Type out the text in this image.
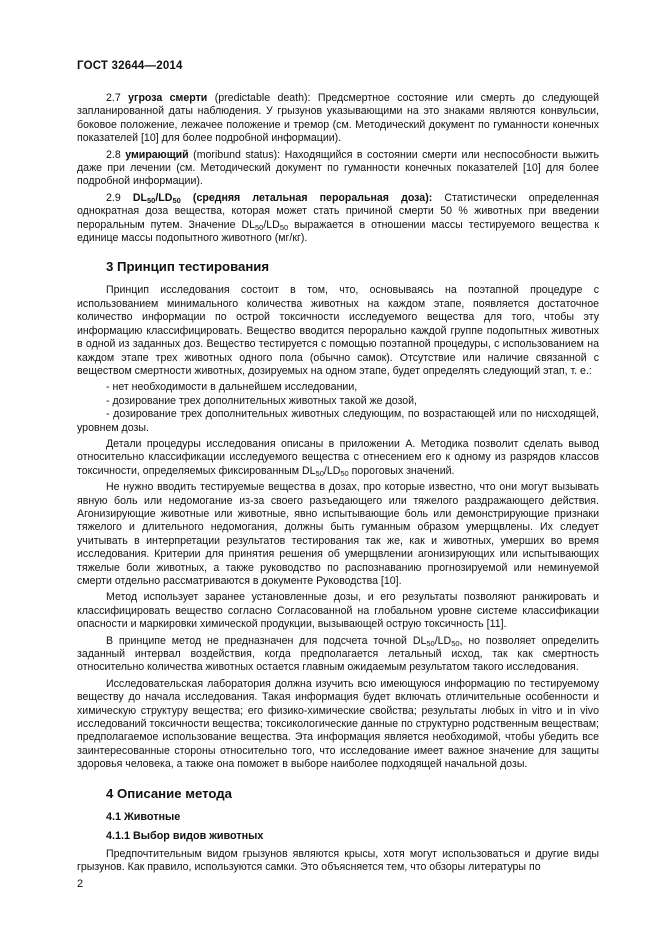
ГОСТ 32644—2014

2.7 угроза смерти (predictable death): Предсмертное состояние или смерть до следующей запланированной даты наблюдения. У грызунов указывающими на это знаками являются конвульсии, боковое положение, лежачее положение и тремор (см. Методический документ по гуманности конечных показателей [10] для более подробной информации).

2.8 умирающий (moribund status): Находящийся в состоянии смерти или неспособности выжить даже при лечении (см. Методический документ по гуманности конечных показателей [10] для более подробной информации).

2.9 $DL_{50}/LD_{50}$ (средняя летальная пероральная доза): Статистически определенная однократная доза вещества, которая может стать причиной смерти 50 % животных при введении пероральным путем. Значение $DL_{50}/LD_{50}$ выражается в отношении массы тестируемого вещества к единице массы подопытного животного (мг/кг).

3 Принцип тестирования

Принцип исследования состоит в том, что, основываясь на поэтапной процедуре с использованием минимального количества животных на каждом этапе, появляется достаточное количество информации по острой токсичности исследуемого вещества для того, чтобы эту информацию классифицировать. Вещество вводится перорально каждой группе подопытных животных в одной из заданных доз. Вещество тестируется с помощью поэтапной процедуры, с использованием на каждом этапе трех животных одного пола (обычно самок). Отсутствие или наличие связанной с веществом смертности животных, дозируемых на одном этапе, будет определять следующий этап, т. е.:

- нет необходимости в дальнейшем исследовании,

- дозирование трех дополнительных животных такой же дозой,

- дозирование трех дополнительных животных следующим, по возрастающей или по нисходящей, уровнем дозы.

Детали процедуры исследования описаны в приложении А. Методика позволит сделать вывод относительно классификации исследуемого вещества с отнесением его к одному из разрядов классов токсичности, определяемых фиксированным $DL_{50}/LD_{50}$ пороговых значений.

Не нужно вводить тестируемые вещества в дозах, про которые известно, что они могут вызывать явную боль или недомогание из-за своего разъедающего или тяжелого раздражающего действия. Агонизирующие животные или животные, явно испытывающие боль или демонстрирующие признаки тяжелого и длительного недомогания, должны быть гуманным образом умерщвлены. Их следует учитывать в интерпретации результатов тестирования так же, как и животных, умерших во время исследования. Критерии для принятия решения об умерщвлении агонизирующих или испытывающих тяжелые боли животных, а также руководство по распознаванию прогнозируемой или неминуемой смерти отдельно рассматриваются в документе Руководства [10].

Метод использует заранее установленные дозы, и его результаты позволяют ранжировать и классифицировать вещество согласно Согласованной на глобальном уровне системе классификации опасности и маркировки химической продукции, вызывающей острую токсичность [11].

В принципе метод не предназначен для подсчета точной $DL_{50}/LD_{50}$, но позволяет определить заданный интервал воздействия, когда предполагается летальный исход, так как смертность относительно количества животных остается главным ожидаемым результатом такого исследования.

Исследовательская лаборатория должна изучить всю имеющуюся информацию по тестируемому веществу до начала исследования. Такая информация будет включать отличительные особенности и химическую структуру вещества; его физико-химические свойства; результаты любых in vitro и in vivo исследований токсичности вещества; токсикологические данные по структурно родственным веществам; предполагаемое использование вещества. Эта информация является необходимой, чтобы убедить все заинтересованные стороны относительно того, что исследование имеет важное значение для защиты здоровья человека, а также она поможет в выборе наиболее подходящей начальной дозы.

4 Описание метода
4.1 Животные
4.1.1 Выбор видов животных

Предпочтительным видом грызунов являются крысы, хотя могут использоваться и другие виды грызунов. Как правило, используются самки. Это объясняется тем, что обзоры литературы по

2
